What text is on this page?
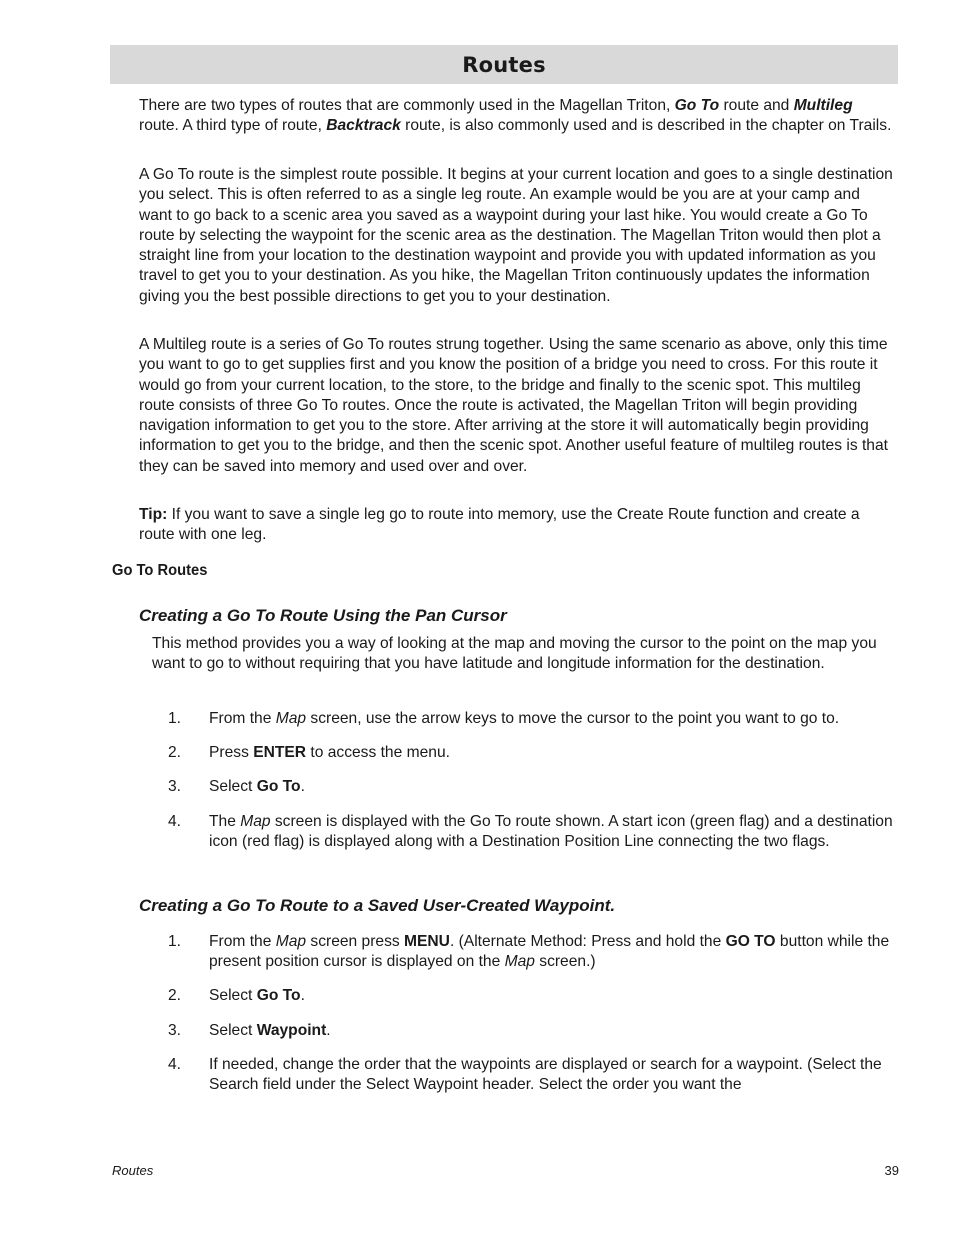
Routes

There are two types of routes that are commonly used in the Magellan Triton, Go To route and Multileg route. A third type of route, Backtrack route, is also commonly used and is described in the chapter on Trails.

A Go To route is the simplest route possible. It begins at your current location and goes to a single destination you select. This is often referred to as a single leg route. An example would be you are at your camp and want to go back to a scenic area you saved as a waypoint during your last hike. You would create a Go To route by selecting the waypoint for the scenic area as the destination. The Magellan Triton would then plot a straight line from your location to the destination waypoint and provide you with updated information as you travel to get you to your destination. As you hike, the Magellan Triton continuously updates the information giving you the best possible directions to get you to your destination.

A Multileg route is a series of Go To routes strung together. Using the same scenario as above, only this time you want to go to get supplies first and you know the position of a bridge you need to cross. For this route it would go from your current location, to the store, to the bridge and finally to the scenic spot. This multileg route consists of three Go To routes. Once the route is activated, the Magellan Triton will begin providing navigation information to get you to the store. After arriving at the store it will automatically begin providing information to get you to the bridge, and then the scenic spot. Another useful feature of multileg routes is that they can be saved into memory and used over and over.

Tip: If you want to save a single leg go to route into memory, use the Create Route function and create a route with one leg.

Go To Routes
Creating a Go To Route Using the Pan Cursor

This method provides you a way of looking at the map and moving the cursor to the point on the map you want to go to without requiring that you have latitude and longitude information for the destination.

1.	From the Map screen, use the arrow keys to move the cursor to the point you want to go to.
2.	Press ENTER to access the menu.
3.	Select Go To.
4.	The Map screen is displayed with the Go To route shown. A start icon (green flag) and a destination icon (red flag) is displayed along with a Destination Position Line connecting the two flags.
Creating a Go To Route to a Saved User-Created Waypoint.
1.	From the Map screen press MENU. (Alternate Method: Press and hold the GO TO button while the present position cursor is displayed on the Map screen.)
2.	Select Go To.
3.	Select Waypoint.
4.	If needed, change the order that the waypoints are displayed or search for a waypoint. (Select the Search field under the Select Waypoint header. Select the order you want the
Routes	39
